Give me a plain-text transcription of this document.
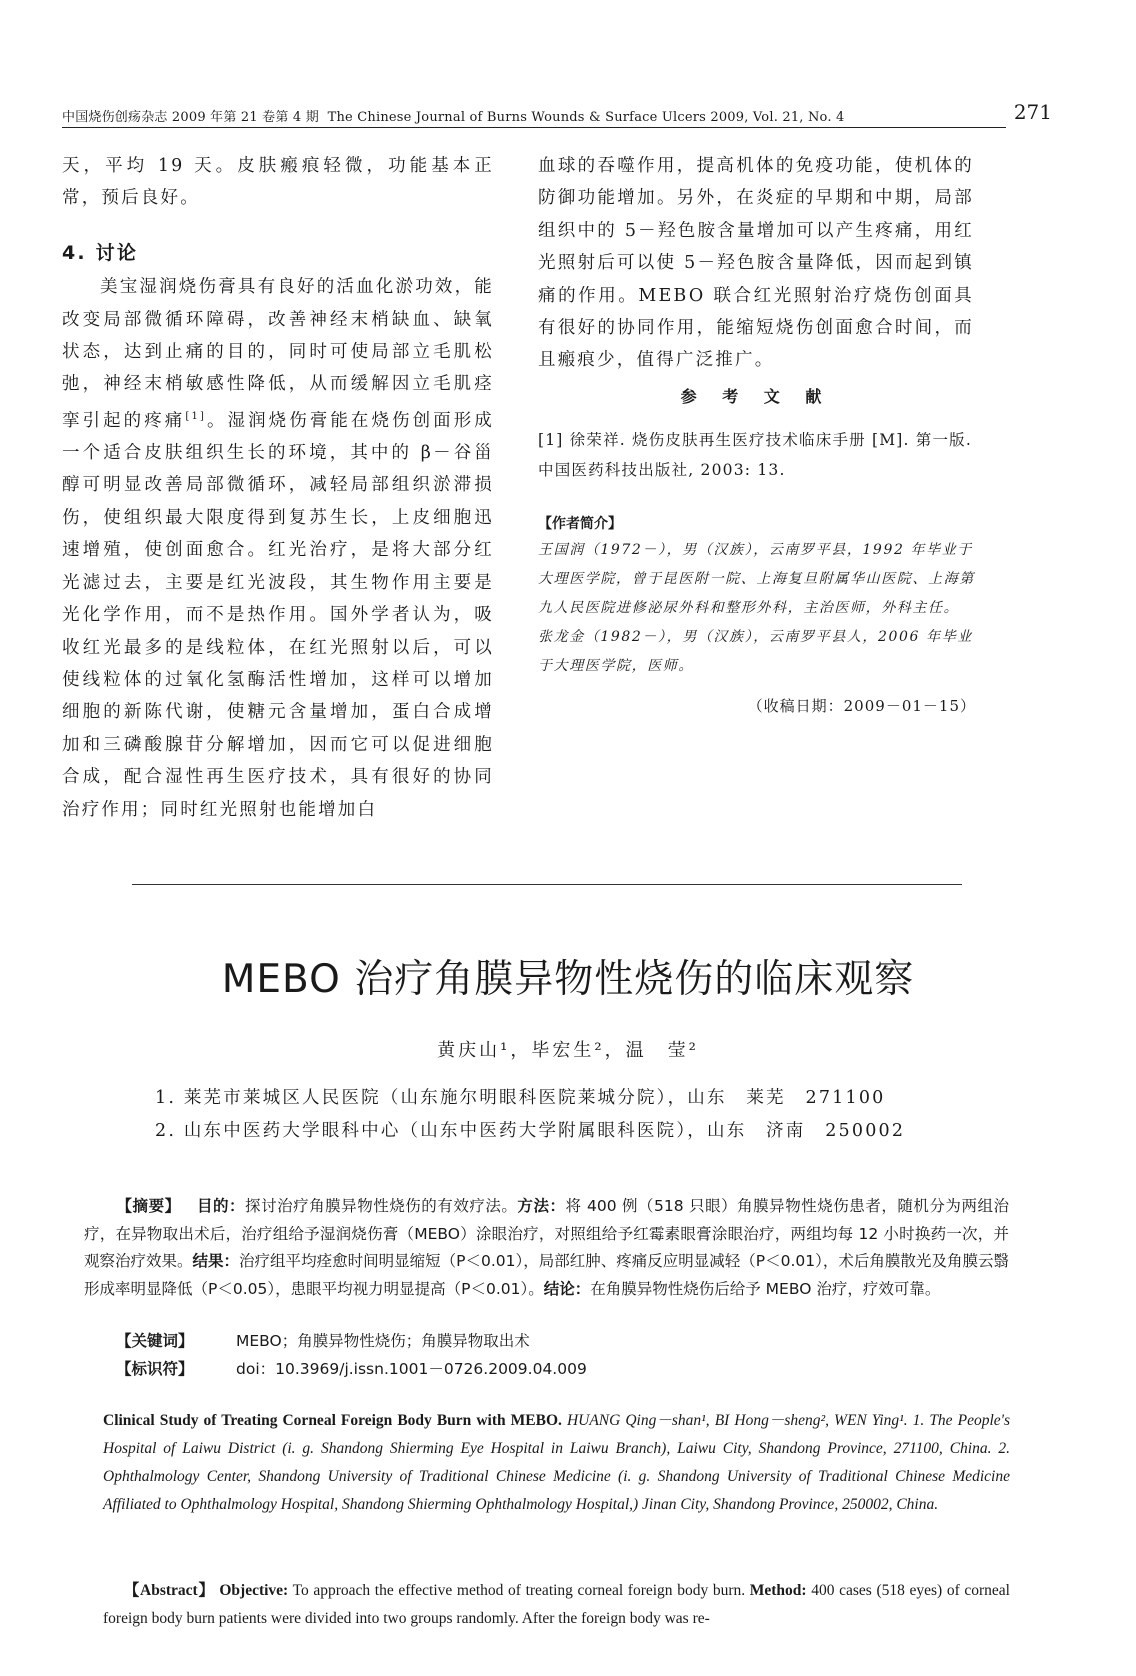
中国烧伤创疡杂志 2009 年第 21 卷第 4 期 The Chinese Journal of Burns Wounds & Surface Ulcers 2009, Vol. 21, No. 4	271

天，平均 19 天。皮肤瘢痕轻微，功能基本正常，预后良好。

4. 讨论

美宝湿润烧伤膏具有良好的活血化淤功效，能改变局部微循环障碍，改善神经末梢缺血、缺氧状态，达到止痛的目的，同时可使局部立毛肌松弛，神经末梢敏感性降低，从而缓解因立毛肌痉挛引起的疼痛[1]。湿润烧伤膏能在烧伤创面形成一个适合皮肤组织生长的环境，其中的 β－谷甾醇可明显改善局部微循环，减轻局部组织淤滞损伤，使组织最大限度得到复苏生长，上皮细胞迅速增殖，使创面愈合。红光治疗，是将大部分红光滤过去，主要是红光波段，其生物作用主要是光化学作用，而不是热作用。国外学者认为，吸收红光最多的是线粒体，在红光照射以后，可以使线粒体的过氧化氢酶活性增加，这样可以增加细胞的新陈代谢，使糖元含量增加，蛋白合成增加和三磷酸腺苷分解增加，因而它可以促进细胞合成，配合湿性再生医疗技术，具有很好的协同治疗作用；同时红光照射也能增加白

血球的吞噬作用，提高机体的免疫功能，使机体的防御功能增加。另外，在炎症的早期和中期，局部组织中的 5－羟色胺含量增加可以产生疼痛，用红光照射后可以使 5－羟色胺含量降低，因而起到镇痛的作用。MEBO 联合红光照射治疗烧伤创面具有很好的协同作用，能缩短烧伤创面愈合时间，而且瘢痕少，值得广泛推广。

参 考 文 献
[1] 徐荣祥. 烧伤皮肤再生医疗技术临床手册 [M]. 第一版. 中国医药科技出版社, 2003: 13.
【作者简介】
王国润（1972－），男（汉族），云南罗平县，1992 年毕业于大理医学院，曾于昆医附一院、上海复旦附属华山医院、上海第九人民医院进修泌尿外科和整形外科，主治医师，外科主任。
张龙金（1982－），男（汉族），云南罗平县人，2006 年毕业于大理医学院，医师。
（收稿日期：2009－01－15）
MEBO 治疗角膜异物性烧伤的临床观察
黄庆山¹，毕宏生²，温　莹²
1. 莱芜市莱城区人民医院（山东施尔明眼科医院莱城分院），山东　莱芜　271100
2. 山东中医药大学眼科中心（山东中医药大学附属眼科医院），山东　济南　250002
【摘要】 目的：探讨治疗角膜异物性烧伤的有效疗法。方法：将 400 例（518 只眼）角膜异物性烧伤患者，随机分为两组治疗，在异物取出术后，治疗组给予湿润烧伤膏（MEBO）涂眼治疗，对照组给予红霉素眼膏涂眼治疗，两组均每 12 小时换药一次，并观察治疗效果。结果：治疗组平均痊愈时间明显缩短（P＜0.01），局部红肿、疼痛反应明显减轻（P＜0.01），术后角膜散光及角膜云翳形成率明显降低（P＜0.05），患眼平均视力明显提高（P＜0.01）。结论：在角膜异物性烧伤后给予 MEBO 治疗，疗效可靠。
【关键词】	MEBO；角膜异物性烧伤；角膜异物取出术
【标识符】	doi：10.3969/j.issn.1001－0726.2009.04.009
Clinical Study of Treating Corneal Foreign Body Burn with MEBO. HUANG Qing－shan¹, BI Hong－sheng², WEN Ying¹. 1. The People's Hospital of Laiwu District (i. g. Shandong Shierming Eye Hospital in Laiwu Branch), Laiwu City, Shandong Province, 271100, China. 2. Ophthalmology Center, Shandong University of Traditional Chinese Medicine (i. g. Shandong University of Traditional Chinese Medicine Affiliated to Ophthalmology Hospital, Shandong Shierming Ophthalmology Hospital,) Jinan City, Shandong Province, 250002, China.
【Abstract】 Objective: To approach the effective method of treating corneal foreign body burn. Method: 400 cases (518 eyes) of corneal foreign body burn patients were divided into two groups randomly. After the foreign body was re-
